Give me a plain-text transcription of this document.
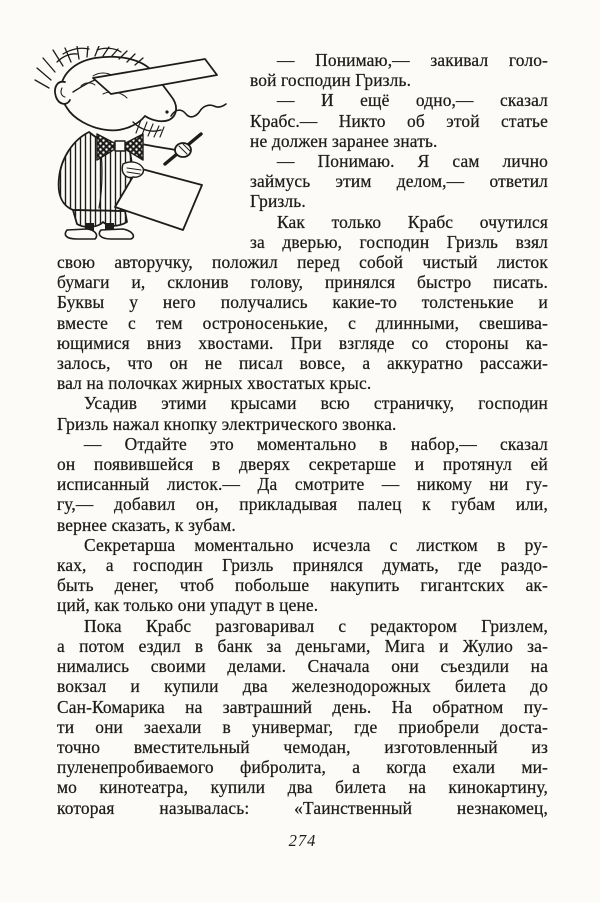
— Понимаю,— закивал голо-
вой господин Гризль.
— И ещё одно,— сказал
Крабс.— Никто об этой статье
не должен заранее знать.
— Понимаю. Я сам лично
займусь этим делом,— ответил
Гризль.
Как только Крабс очутился
за дверью, господин Гризль взял
свою авторучку, положил перед собой чистый листок
бумаги и, склонив голову, принялся быстро писать.
Буквы у него получались какие-то толстенькие и
вместе с тем остроносенькие, с длинными, свешива-
ющимися вниз хвостами. При взгляде со стороны ка-
залось, что он не писал вовсе, а аккуратно рассажи-
вал на полочках жирных хвостатых крыс.
Усадив этими крысами всю страничку, господин
Гризль нажал кнопку электрического звонка.
— Отдайте это моментально в набор,— сказал
он появившейся в дверях секретарше и протянул ей
исписанный листок.— Да смотрите — никому ни гу-
гу,— добавил он, прикладывая палец к губам или,
вернее сказать, к зубам.
Секретарша моментально исчезла с листком в ру-
ках, а господин Гризль принялся думать, где раздо-
быть денег, чтоб побольше накупить гигантских ак-
ций, как только они упадут в цене.
Пока Крабс разговаривал с редактором Гризлем,
а потом ездил в банк за деньгами, Мига и Жулио за-
нимались своими делами. Сначала они съездили на
вокзал и купили два железнодорожных билета до
Сан-Комарика на завтрашний день. На обратном пу-
ти они заехали в универмаг, где приобрели доста-
точно вместительный чемодан, изготовленный из
пуленепробиваемого фибролита, а когда ехали ми-
мо кинотеатра, купили два билета на кинокартину,
которая называлась: «Таинственный незнакомец,
274
